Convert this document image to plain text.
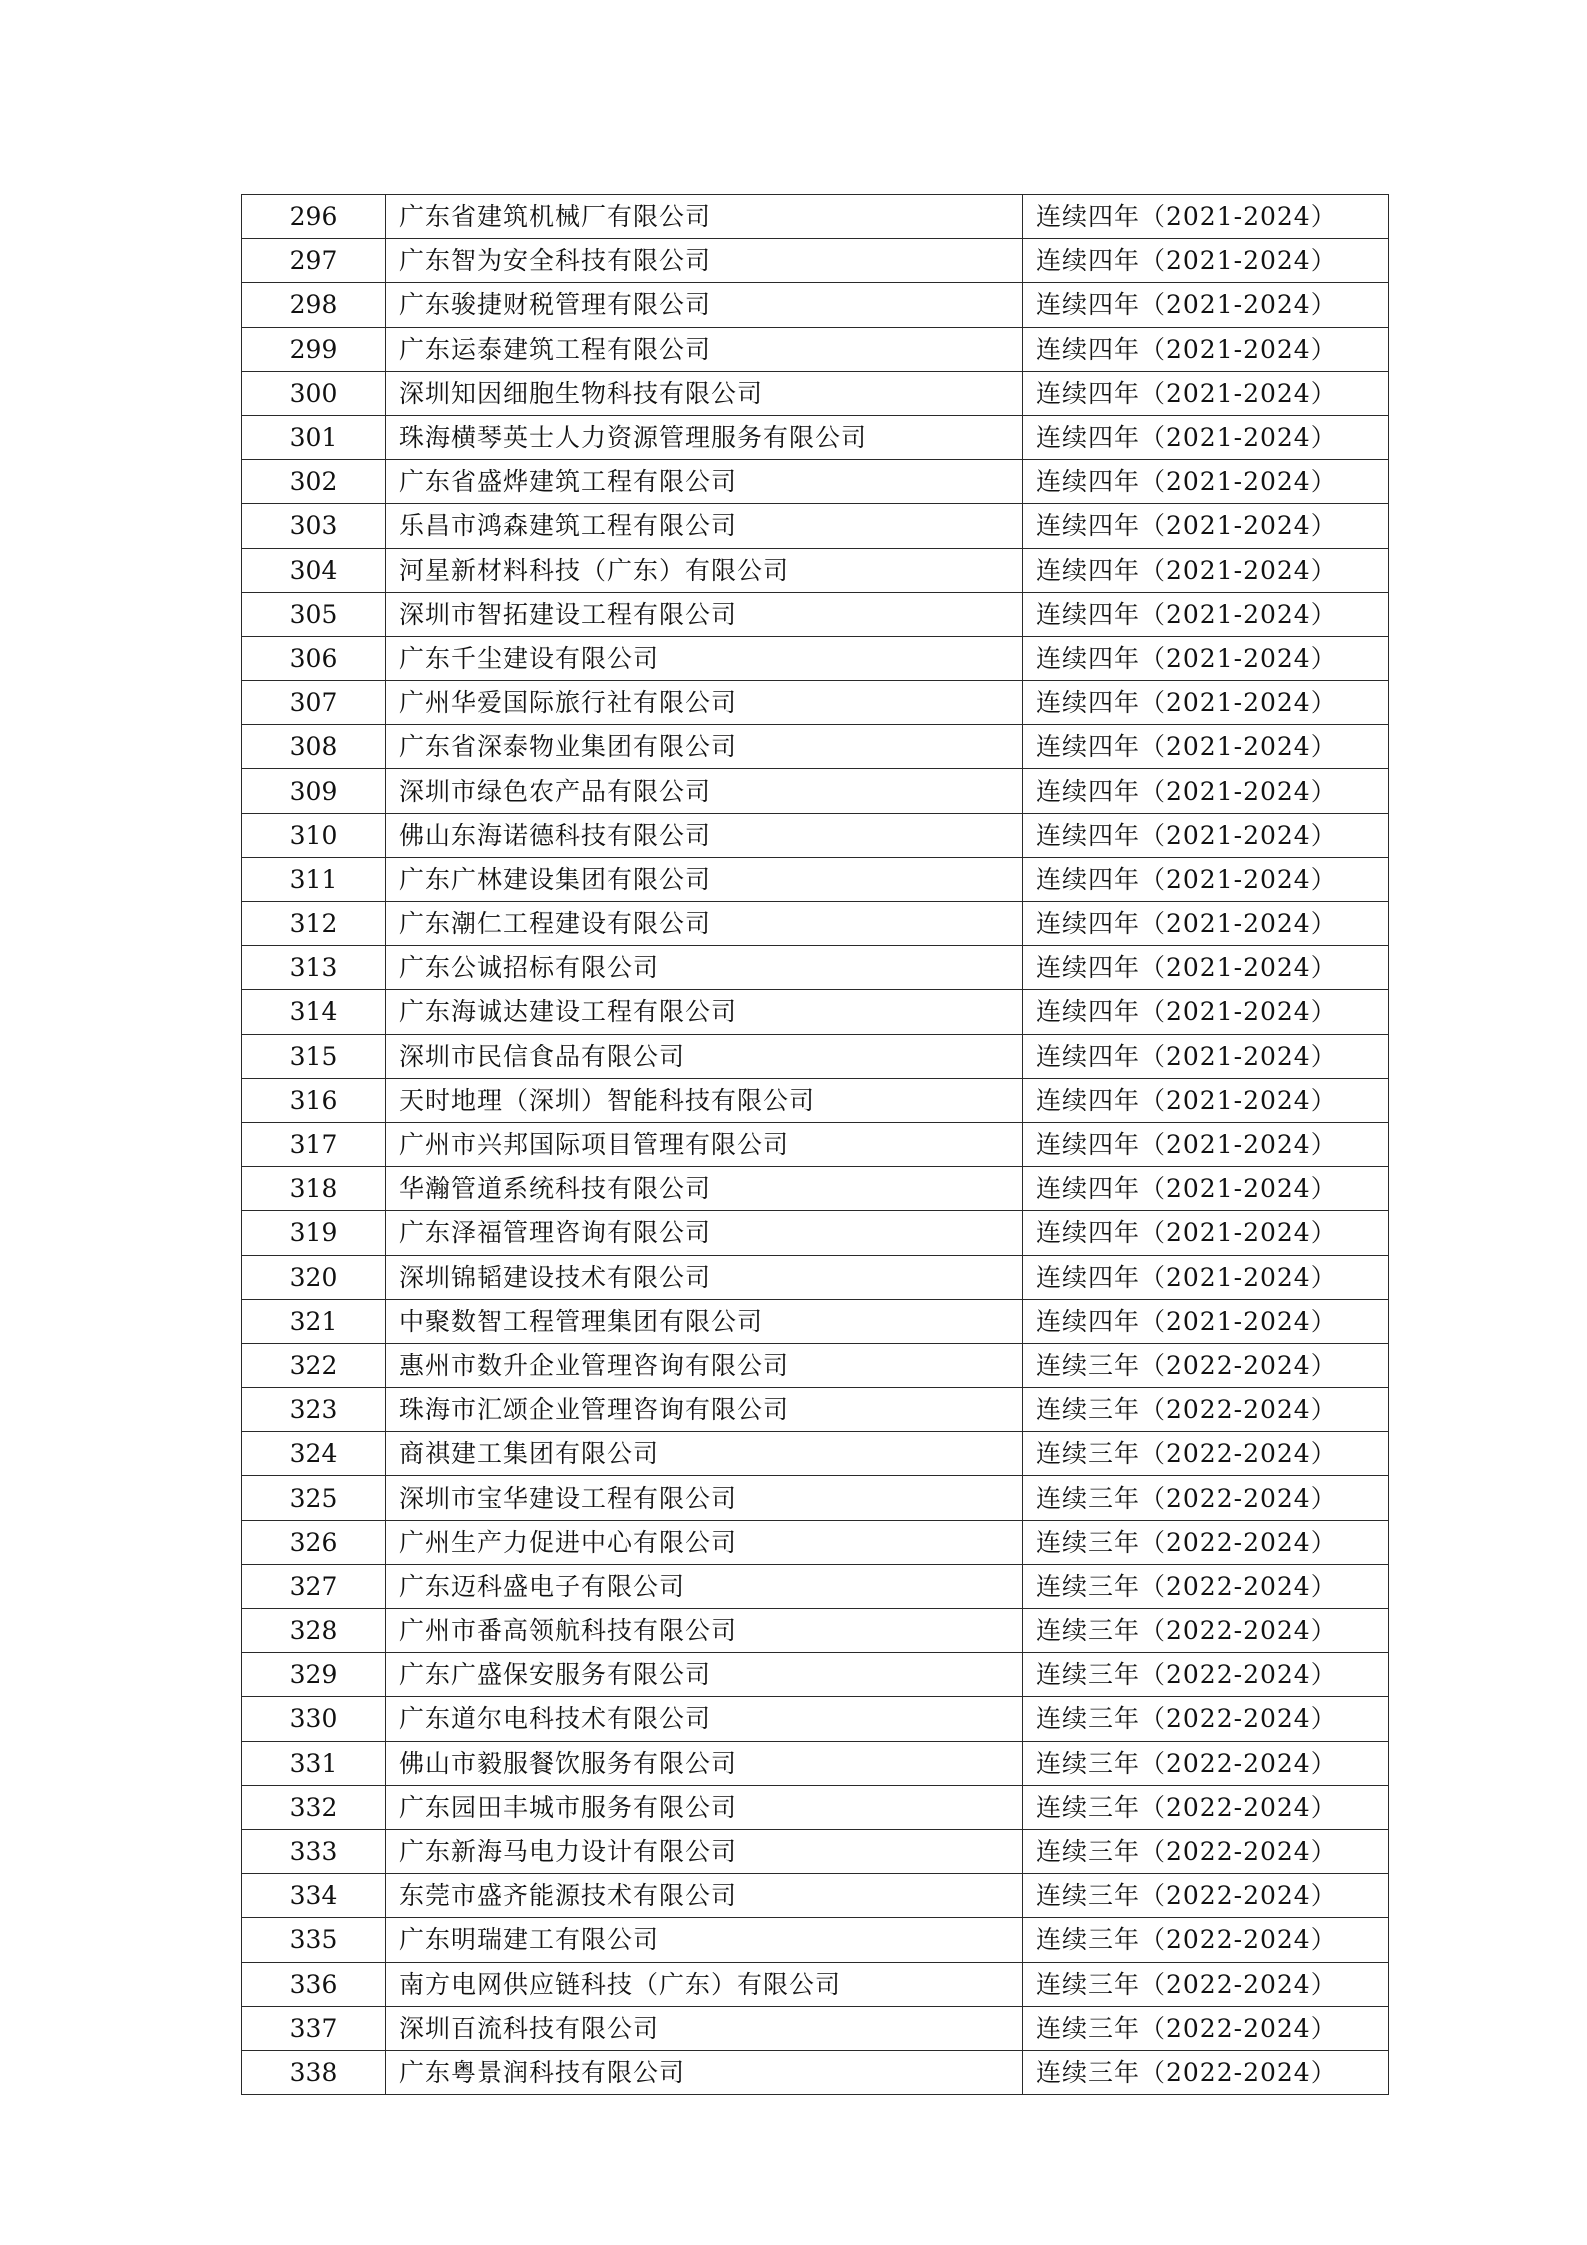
296	广东省建筑机械厂有限公司	连续四年（2021-2024）
297	广东智为安全科技有限公司	连续四年（2021-2024）
298	广东骏捷财税管理有限公司	连续四年（2021-2024）
299	广东运泰建筑工程有限公司	连续四年（2021-2024）
300	深圳知因细胞生物科技有限公司	连续四年（2021-2024）
301	珠海横琴英士人力资源管理服务有限公司	连续四年（2021-2024）
302	广东省盛烨建筑工程有限公司	连续四年（2021-2024）
303	乐昌市鸿森建筑工程有限公司	连续四年（2021-2024）
304	河星新材料科技（广东）有限公司	连续四年（2021-2024）
305	深圳市智拓建设工程有限公司	连续四年（2021-2024）
306	广东千尘建设有限公司	连续四年（2021-2024）
307	广州华爱国际旅行社有限公司	连续四年（2021-2024）
308	广东省深泰物业集团有限公司	连续四年（2021-2024）
309	深圳市绿色农产品有限公司	连续四年（2021-2024）
310	佛山东海诺德科技有限公司	连续四年（2021-2024）
311	广东广林建设集团有限公司	连续四年（2021-2024）
312	广东潮仁工程建设有限公司	连续四年（2021-2024）
313	广东公诚招标有限公司	连续四年（2021-2024）
314	广东海诚达建设工程有限公司	连续四年（2021-2024）
315	深圳市民信食品有限公司	连续四年（2021-2024）
316	天时地理（深圳）智能科技有限公司	连续四年（2021-2024）
317	广州市兴邦国际项目管理有限公司	连续四年（2021-2024）
318	华瀚管道系统科技有限公司	连续四年（2021-2024）
319	广东泽福管理咨询有限公司	连续四年（2021-2024）
320	深圳锦韬建设技术有限公司	连续四年（2021-2024）
321	中聚数智工程管理集团有限公司	连续四年（2021-2024）
322	惠州市数升企业管理咨询有限公司	连续三年（2022-2024）
323	珠海市汇颂企业管理咨询有限公司	连续三年（2022-2024）
324	商祺建工集团有限公司	连续三年（2022-2024）
325	深圳市宝华建设工程有限公司	连续三年（2022-2024）
326	广州生产力促进中心有限公司	连续三年（2022-2024）
327	广东迈科盛电子有限公司	连续三年（2022-2024）
328	广州市番高领航科技有限公司	连续三年（2022-2024）
329	广东广盛保安服务有限公司	连续三年（2022-2024）
330	广东道尔电科技术有限公司	连续三年（2022-2024）
331	佛山市毅服餐饮服务有限公司	连续三年（2022-2024）
332	广东园田丰城市服务有限公司	连续三年（2022-2024）
333	广东新海马电力设计有限公司	连续三年（2022-2024）
334	东莞市盛齐能源技术有限公司	连续三年（2022-2024）
335	广东明瑞建工有限公司	连续三年（2022-2024）
336	南方电网供应链科技（广东）有限公司	连续三年（2022-2024）
337	深圳百流科技有限公司	连续三年（2022-2024）
338	广东粤景润科技有限公司	连续三年（2022-2024）
